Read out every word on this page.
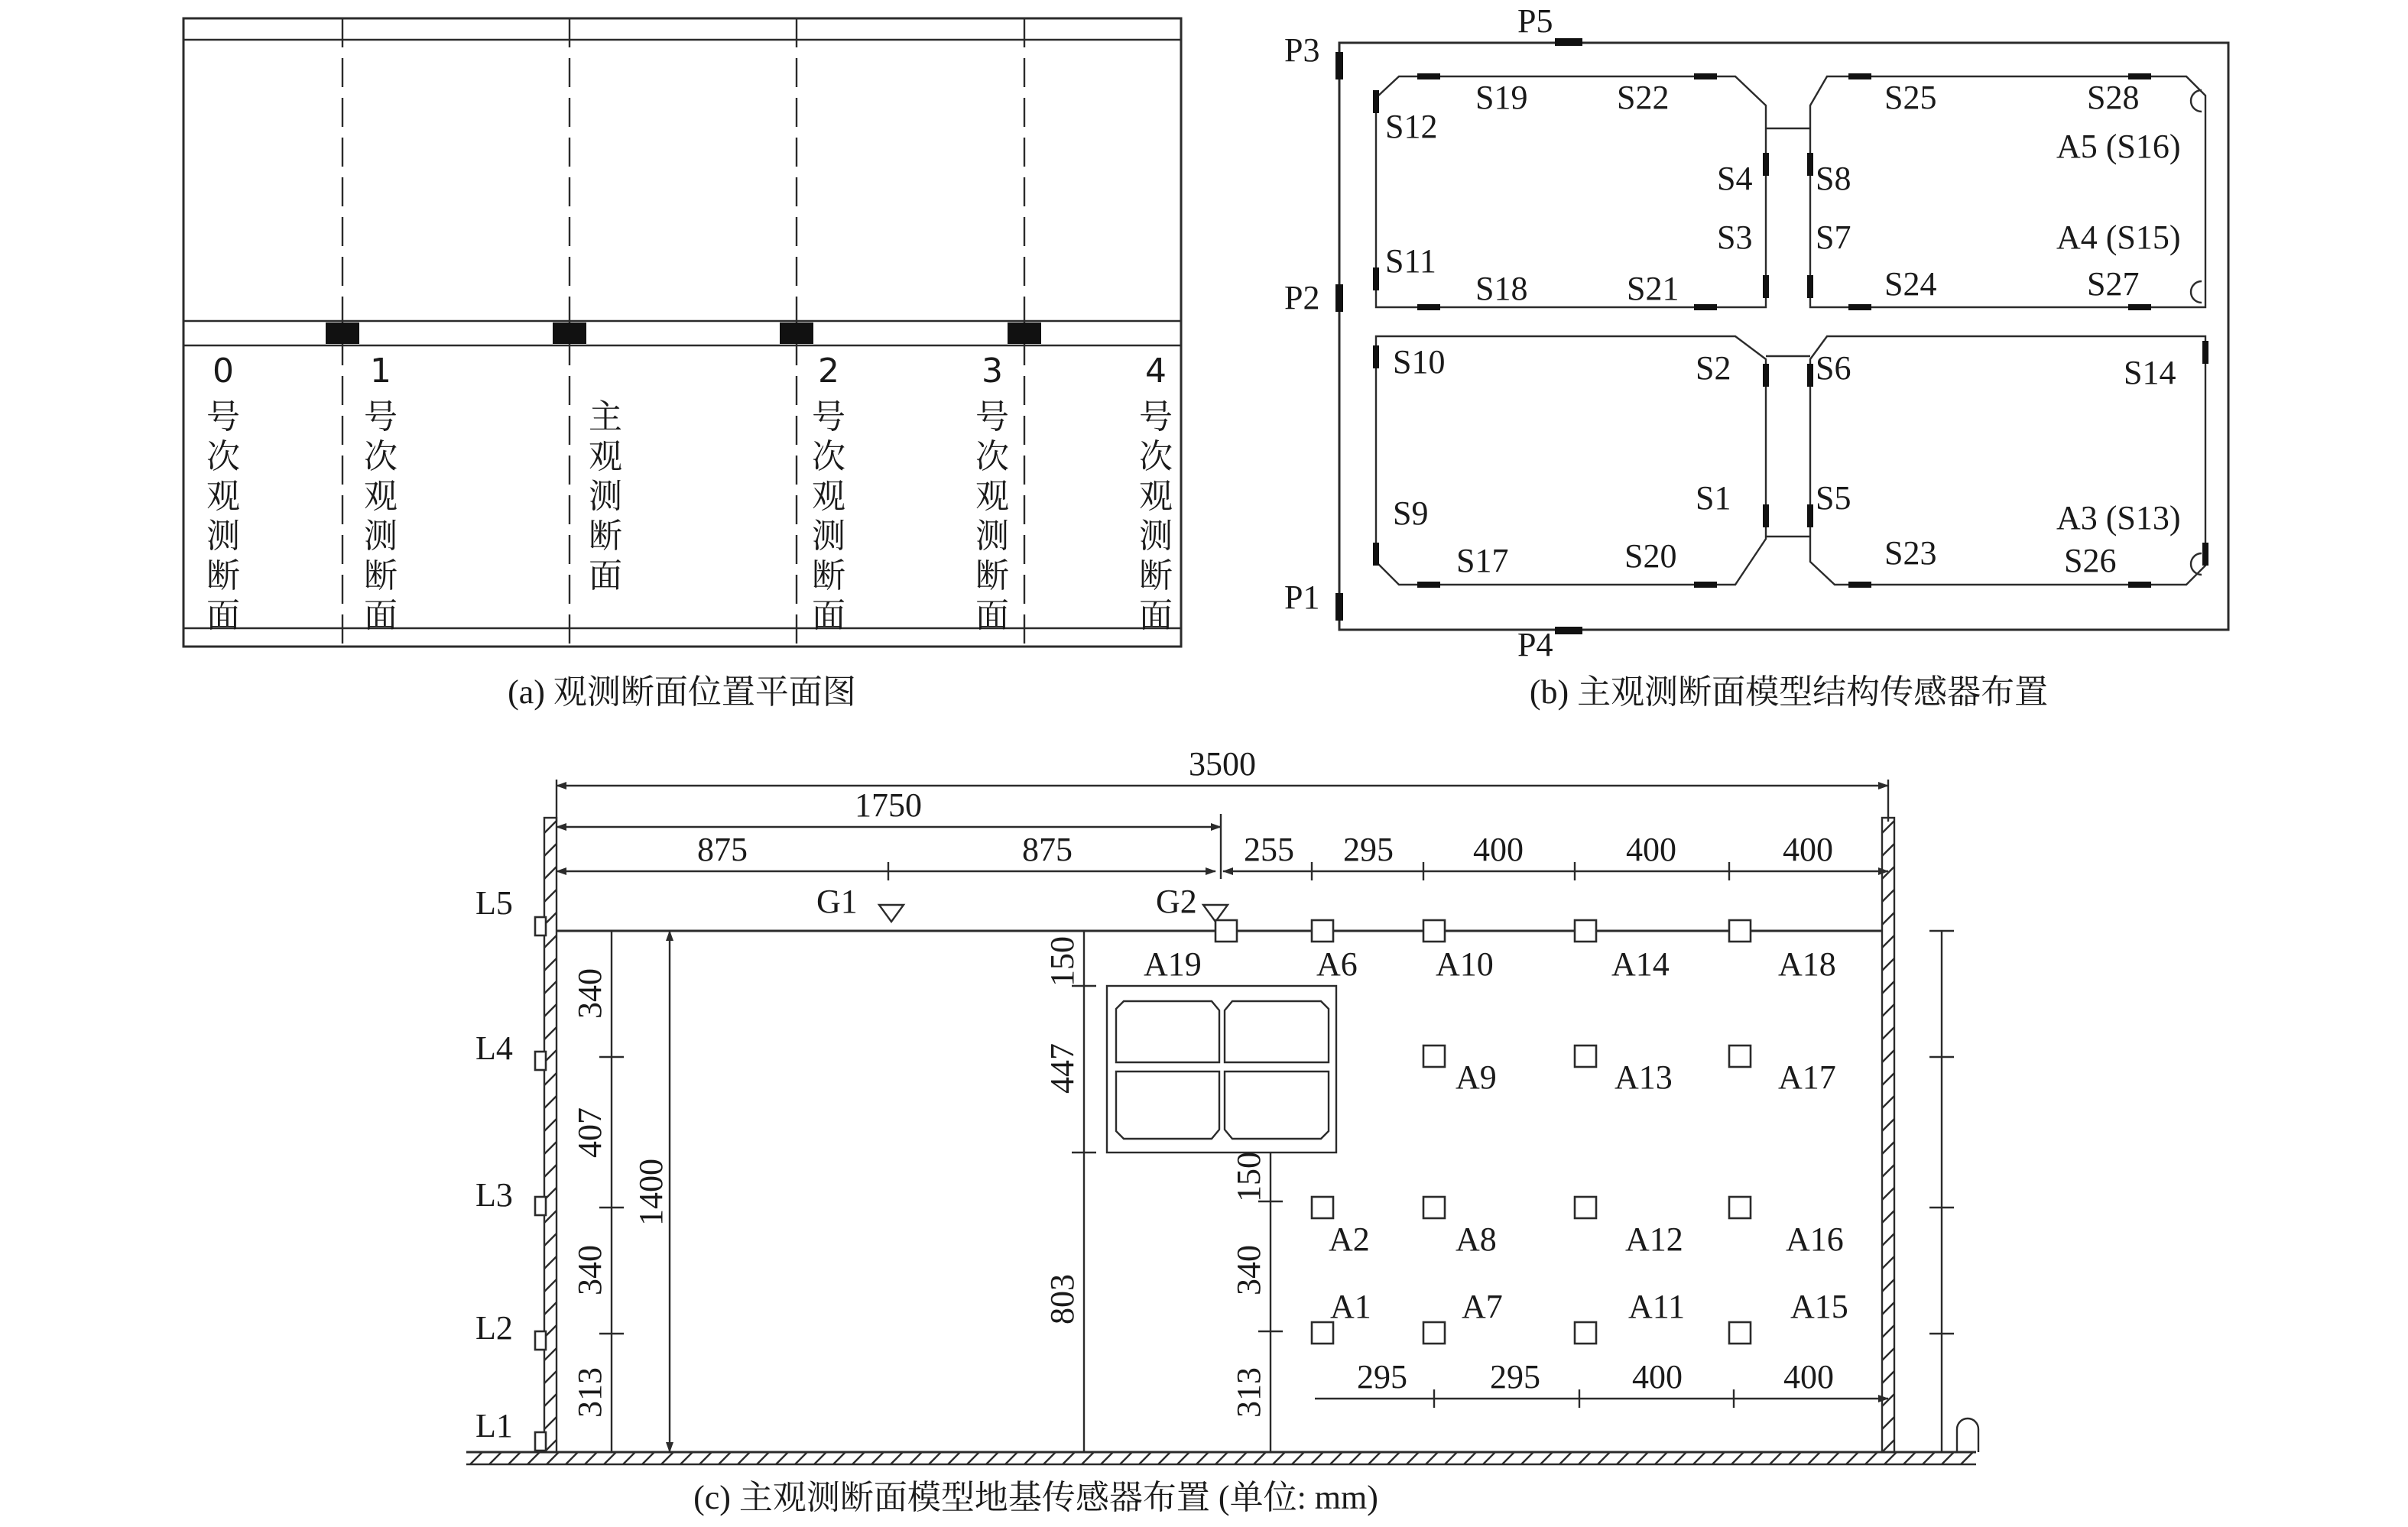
0
号次观测断面
1
号次观测断面
主观测断面
2
号次观测断面
3
号次观测断面
4
号次观测断面
(a) 观测断面位置平面图
P3
P2
P1
P5
P4
S12
S19	S22
S4
S3
S8
S7
S11
S18	S21
S25	S28
A5 (S16)
A4 (S15)
S24	S27
S10	S2	S6	S14
S1	S5
S9	A3 (S13)
S17	S20	S23	S26
(b) 主观测断面模型结构传感器布置
L5
L4
L3
L2
L1
3500
1750
875	875	255 295 400	400	400
G1	G2
340
407
340
313
1400
150
447
803
150
340
313	295 295	400	400
A19	A6 A10	A14	A18
A9	A13	A17
A2	A8	A12	A16
A1	A7	A11	A15
(c) 主观测断面模型地基传感器布置 (单位: mm)
